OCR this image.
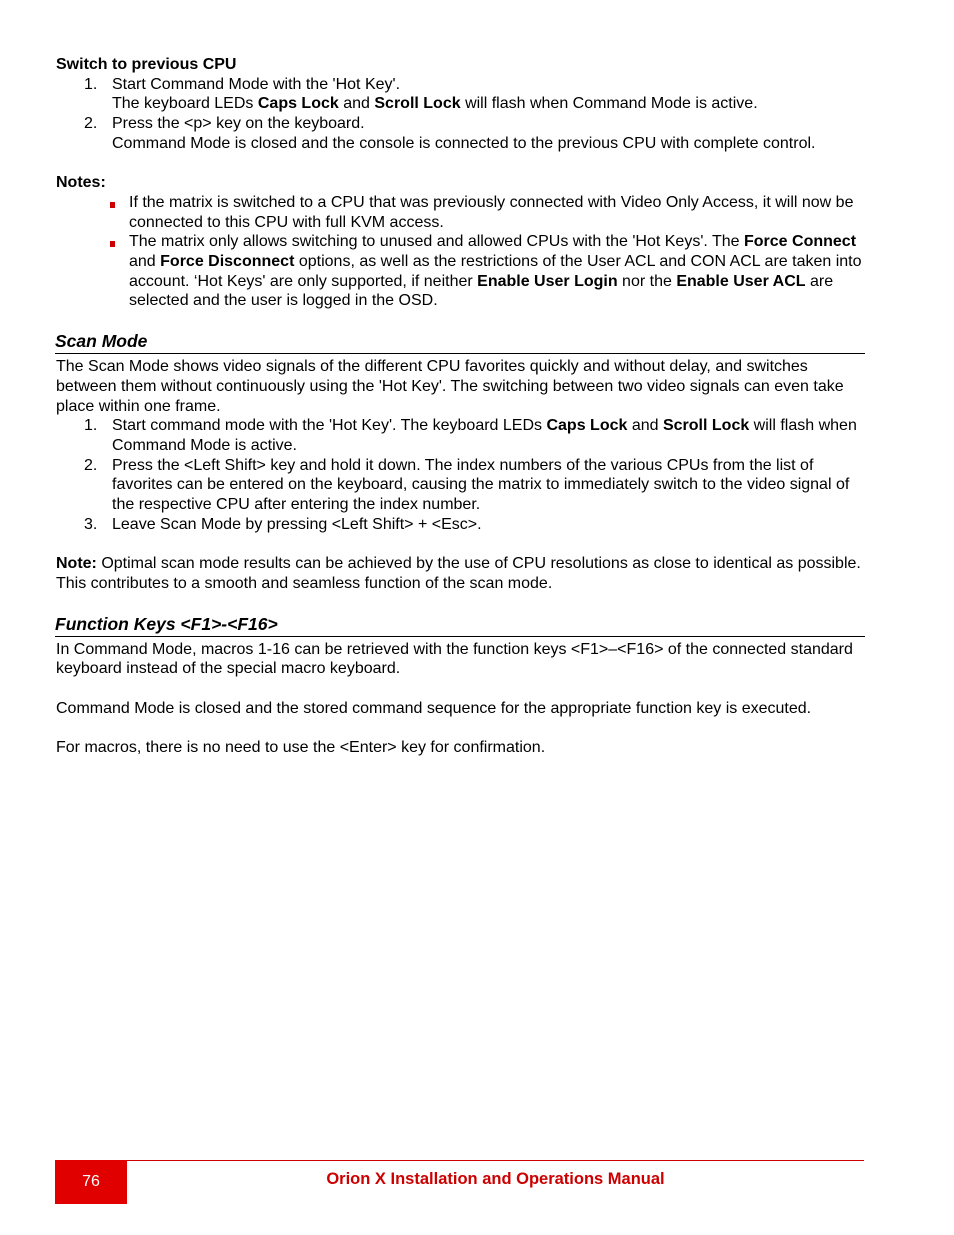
Switch to previous CPU
1. Start Command Mode with the 'Hot Key'.
The keyboard LEDs Caps Lock and Scroll Lock will flash when Command Mode is active.
2. Press the <p> key on the keyboard.
Command Mode is closed and the console is connected to the previous CPU with complete control.
Notes:
If the matrix is switched to a CPU that was previously connected with Video Only Access, it will now be connected to this CPU with full KVM access.
The matrix only allows switching to unused and allowed CPUs with the 'Hot Keys'. The Force Connect and Force Disconnect options, as well as the restrictions of the User ACL and CON ACL are taken into account. ‘Hot Keys' are only supported, if neither Enable User Login nor the Enable User ACL are selected and the user is logged in the OSD.
Scan Mode
The Scan Mode shows video signals of the different CPU favorites quickly and without delay, and switches between them without continuously using the 'Hot Key'. The switching between two video signals can even take place within one frame.
1. Start command mode with the 'Hot Key'. The keyboard LEDs Caps Lock and Scroll Lock will flash when Command Mode is active.
2. Press the <Left Shift> key and hold it down. The index numbers of the various CPUs from the list of favorites can be entered on the keyboard, causing the matrix to immediately switch to the video signal of the respective CPU after entering the index number.
3. Leave Scan Mode by pressing <Left Shift> + <Esc>.
Note: Optimal scan mode results can be achieved by the use of CPU resolutions as close to identical as possible. This contributes to a smooth and seamless function of the scan mode.
Function Keys <F1>-<F16>
In Command Mode, macros 1-16 can be retrieved with the function keys <F1>–<F16> of the connected standard keyboard instead of the special macro keyboard.
Command Mode is closed and the stored command sequence for the appropriate function key is executed.
For macros, there is no need to use the <Enter> key for confirmation.
76	Orion X Installation and Operations Manual
